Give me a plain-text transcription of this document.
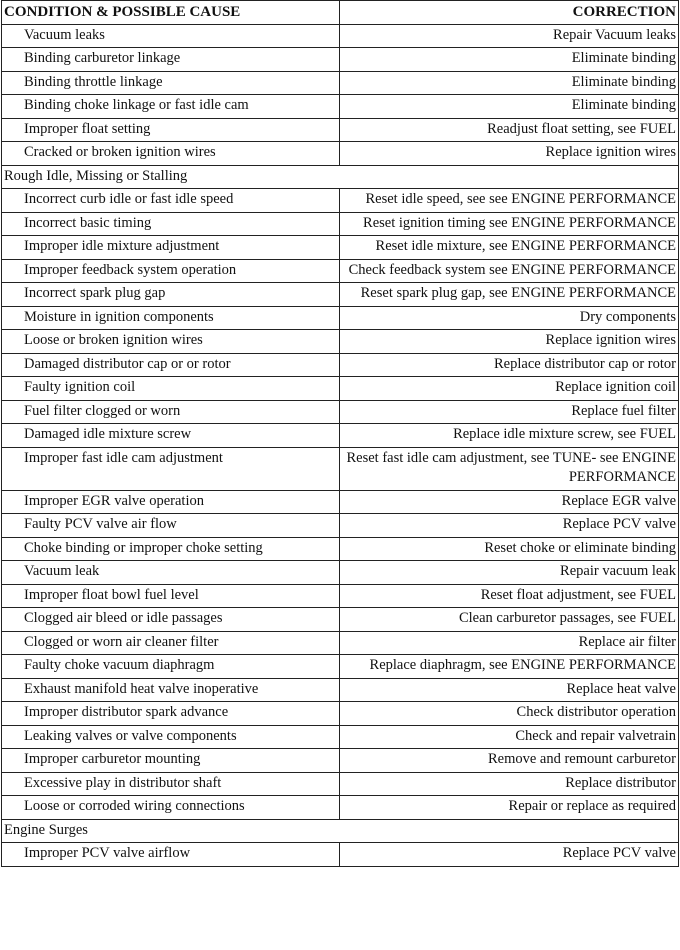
CONDITION & POSSIBLE CAUSE	CORRECTION
Vacuum leaks	Repair Vacuum leaks
Binding carburetor linkage	Eliminate binding
Binding throttle linkage	Eliminate binding
Binding choke linkage or fast idle cam	Eliminate binding
Improper float setting	Readjust float setting, see FUEL
Cracked or broken ignition wires	Replace ignition wires
Rough Idle, Missing or Stalling	
Incorrect curb idle or fast idle speed	Reset idle speed, see see ENGINE PERFORMANCE
Incorrect basic timing	Reset ignition timing see ENGINE PERFORMANCE
Improper idle mixture adjustment	Reset idle mixture, see ENGINE PERFORMANCE
Improper feedback system operation	Check feedback system see ENGINE PERFORMANCE
Incorrect spark plug gap	Reset spark plug gap, see ENGINE PERFORMANCE
Moisture in ignition components	Dry components
Loose or broken ignition wires	Replace ignition wires
Damaged distributor cap or or rotor	Replace distributor cap or rotor
Faulty ignition coil	Replace ignition coil
Fuel filter clogged or worn	Replace fuel filter
Damaged idle mixture screw	Replace idle mixture screw, see FUEL
Improper fast idle cam adjustment	Reset fast idle cam adjustment, see TUNE- see ENGINE PERFORMANCE
Improper EGR valve operation	Replace EGR valve
Faulty PCV valve air flow	Replace PCV valve
Choke binding or improper choke setting	Reset choke or eliminate binding
Vacuum leak	Repair vacuum leak
Improper float bowl fuel level	Reset float adjustment, see FUEL
Clogged air bleed or idle passages	Clean carburetor passages, see FUEL
Clogged or worn air cleaner filter	Replace air filter
Faulty choke vacuum diaphragm	Replace diaphragm, see ENGINE PERFORMANCE
Exhaust manifold heat valve inoperative	Replace heat valve
Improper distributor spark advance	Check distributor operation
Leaking valves or valve components	Check and repair valvetrain
Improper carburetor mounting	Remove and remount carburetor
Excessive play in distributor shaft	Replace distributor
Loose or corroded wiring connections	Repair or replace as required
Engine Surges	
Improper PCV valve airflow	Replace PCV valve
